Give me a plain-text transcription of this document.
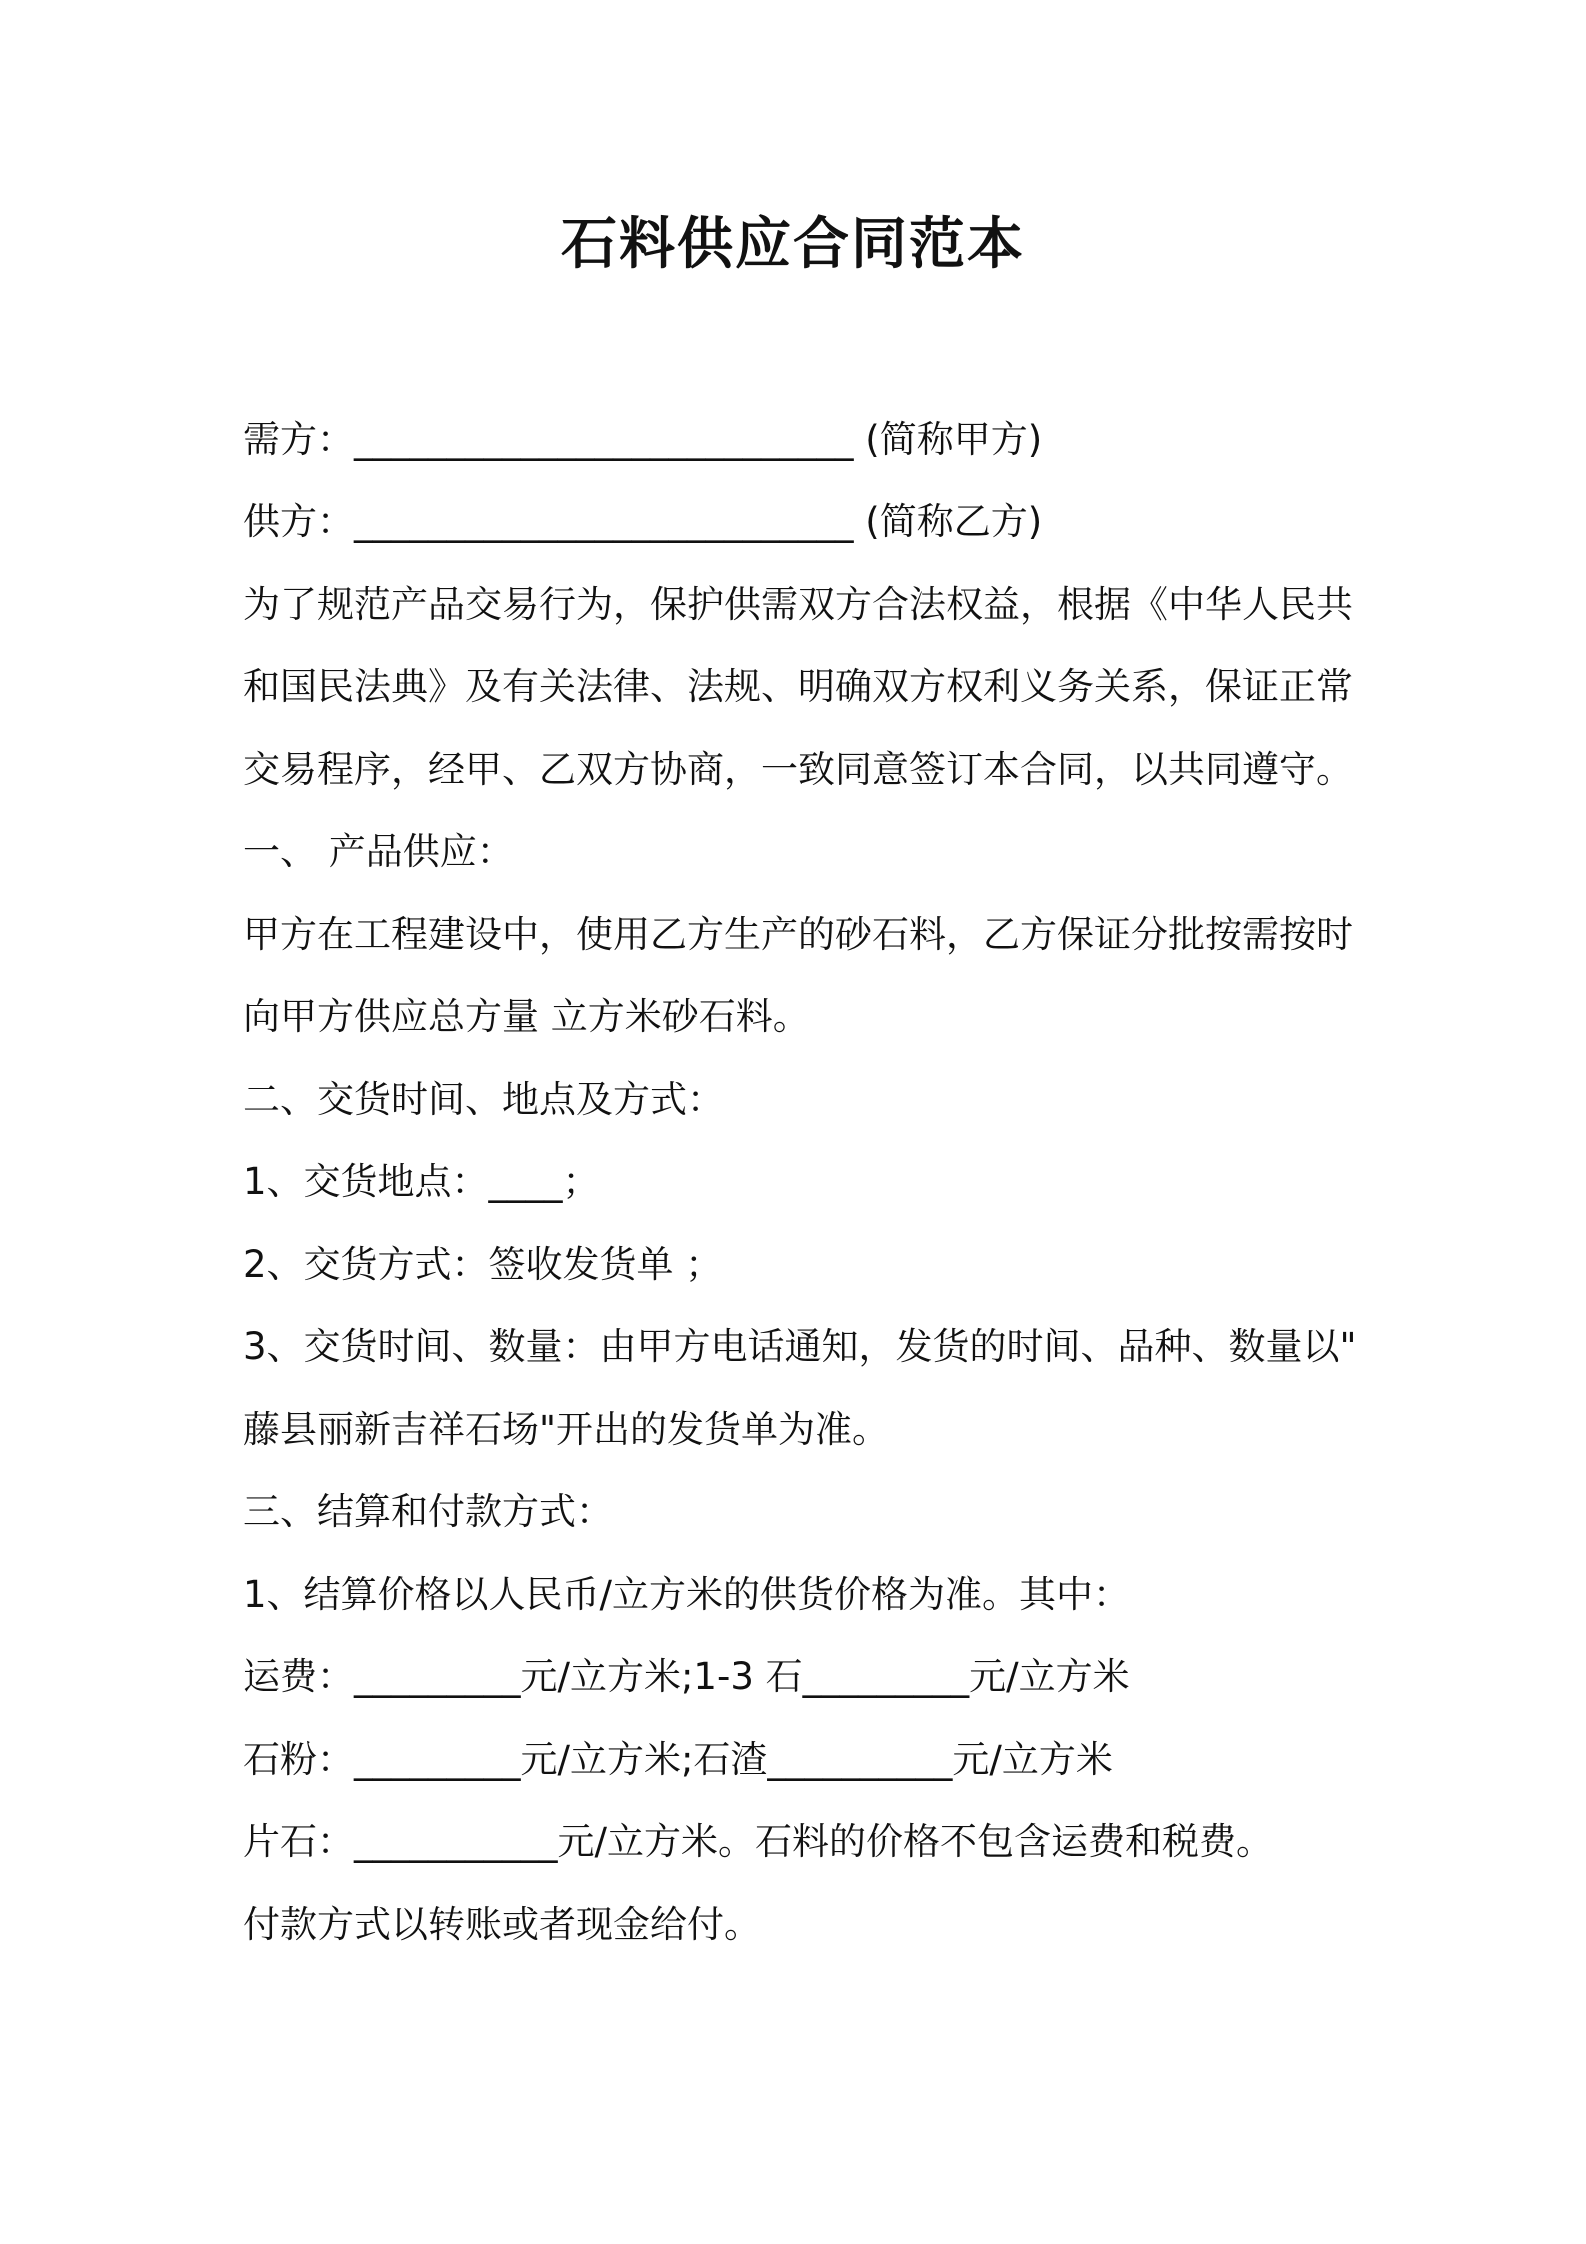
石料供应合同范本
需方：___________________________ (简称甲方)
供方：___________________________ (简称乙方)
为了规范产品交易行为，保护供需双方合法权益，根据《中华人民共
和国民法典》及有关法律、法规、明确双方权利义务关系，保证正常
交易程序，经甲、乙双方协商，一致同意签订本合同，以共同遵守。
一、 产品供应：
甲方在工程建设中，使用乙方生产的砂石料，乙方保证分批按需按时
向甲方供应总方量 立方米砂石料。
二、交货时间、地点及方式：
1、交货地点：____；
2、交货方式：签收发货单 ；
3、交货时间、数量：由甲方电话通知，发货的时间、品种、数量以"
藤县丽新吉祥石场"开出的发货单为准。
三、结算和付款方式：
1、结算价格以人民币/立方米的供货价格为准。其中：
运费：_________元/立方米;1-3 石_________元/立方米
石粉：_________元/立方米;石渣__________元/立方米
片石：___________元/立方米。石料的价格不包含运费和税费。
付款方式以转账或者现金给付。
